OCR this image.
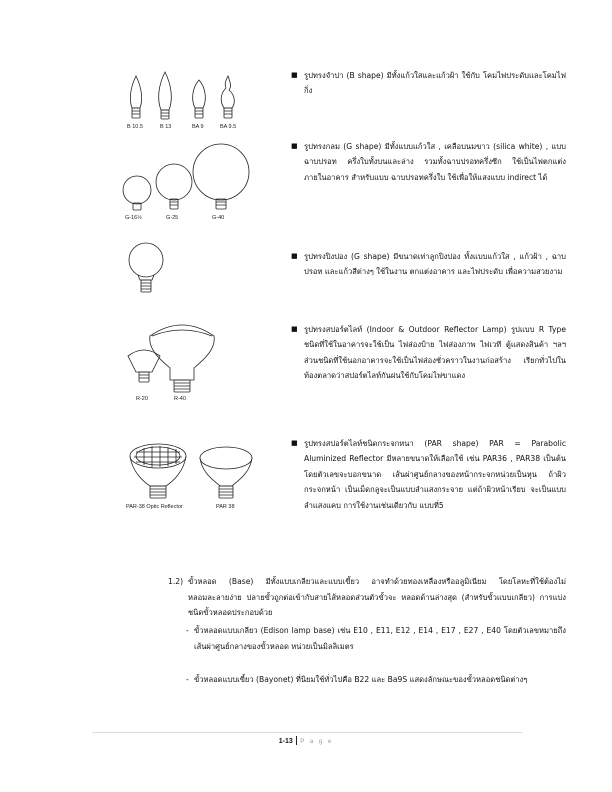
B 10.5	B 13	BA 9	BA 9.5
G-16½	G-25	G-40
R-20	R-40
PAR-38 Optic Reflector	PAR 38
■ รูปทรงจำปา (B shape) มีทั้งแก้วใสและแก้วฝ้า ใช้กับ โคมไฟประดับและโคมไฟกิ่ง
■ รูปทรงกลม (G shape) มีทั้งแบบแก้วใส , เคลือบนมขาว (silica white) , แบบฉาบปรอท ครึ่งใบทั้งบนและล่าง รวมทั้งฉาบปรอทครึ่งซีก ใช้เป็นไฟตกแต่ง ภายในอาคาร สำหรับแบบ ฉาบปรอทครึ่งใบ ใช้เพื่อให้แสงแบบ indirect ได้
■ รูปทรงปิงปอง (G shape) มีขนาดเท่าลูกปิงปอง ทั้งแบบแก้วใส , แก้วฝ้า , ฉาบปรอท และแก้วสีต่างๆ ใช้ในงาน ตกแต่งอาคาร และไฟประดับ เพื่อความสวยงาม
■ รูปทรงสปอร์ตไลท์ (Indoor & Outdoor Reflector Lamp) รูปแบบ R Type ชนิดที่ใช้ในอาคารจะใช้เป็น ไฟส่องป้าย ไฟส่องภาพ ไฟเวที ตู้แสดงสินค้า ฯลฯ ส่วนชนิดที่ใช้นอกอาคารจะใช้เป็นไฟส่องชั่วคราวในงานก่อสร้าง เรียกทั่วไปในท้องตลาดว่าสปอร์ตไลท์กันฝนใช้กับโคมไฟขาแดง
■ รูปทรงสปอร์ตไลท์ชนิดกระจกหนา (PAR shape) PAR = Parabolic Aluminized Reflector มีหลายขนาดให้เลือกใช้ เช่น PAR36 , PAR38 เป็นต้น โดยตัวเลขจะบอกขนาด เส้นผ่าศูนย์กลางของหน้ากระจกหน่วยเป็นหุน ถ้าผิวกระจกหน้า เป็นเม็ดกลูจะเป็นแบบลำแสงกระจาย แต่ถ้าผิวหน้าเรียบ จะเป็นแบบลำแสงแคบ การใช้งานเช่นเดียวกับ แบบที่5
1.2) ขั้วหลอด (Base) มีทั้งแบบเกลียวและแบบเขี้ยว อาจทำด้วยทองเหลืองหรืออลูมิเนียม โดยโลหะที่ใช้ต้องไม่หลอมละลายง่าย ปลายขั้วถูกต่อเข้ากับสายไส้หลอดส่วนตัวขั้วจะ หลอดด้านล่างสุด (สำหรับขั้วแบบเกลียว) การแบ่งชนิดขั้วหลอดประกอบด้วย
- ขั้วหลอดแบบเกลียว (Edison lamp base) เช่น E10 , E11, E12 , E14 , E17 , E27 , E40 โดยตัวเลขหมายถึง เส้นผ่าศูนย์กลางของขั้วหลอด หน่วยเป็นมิลลิเมตร
- ขั้วหลอดแบบเขี้ยว (Bayonet) ที่นิยมใช้ทั่วไปคือ B22 และ Ba9S แสดงลักษณะของขั้วหลอดชนิดต่างๆ
1-13 P a g e
